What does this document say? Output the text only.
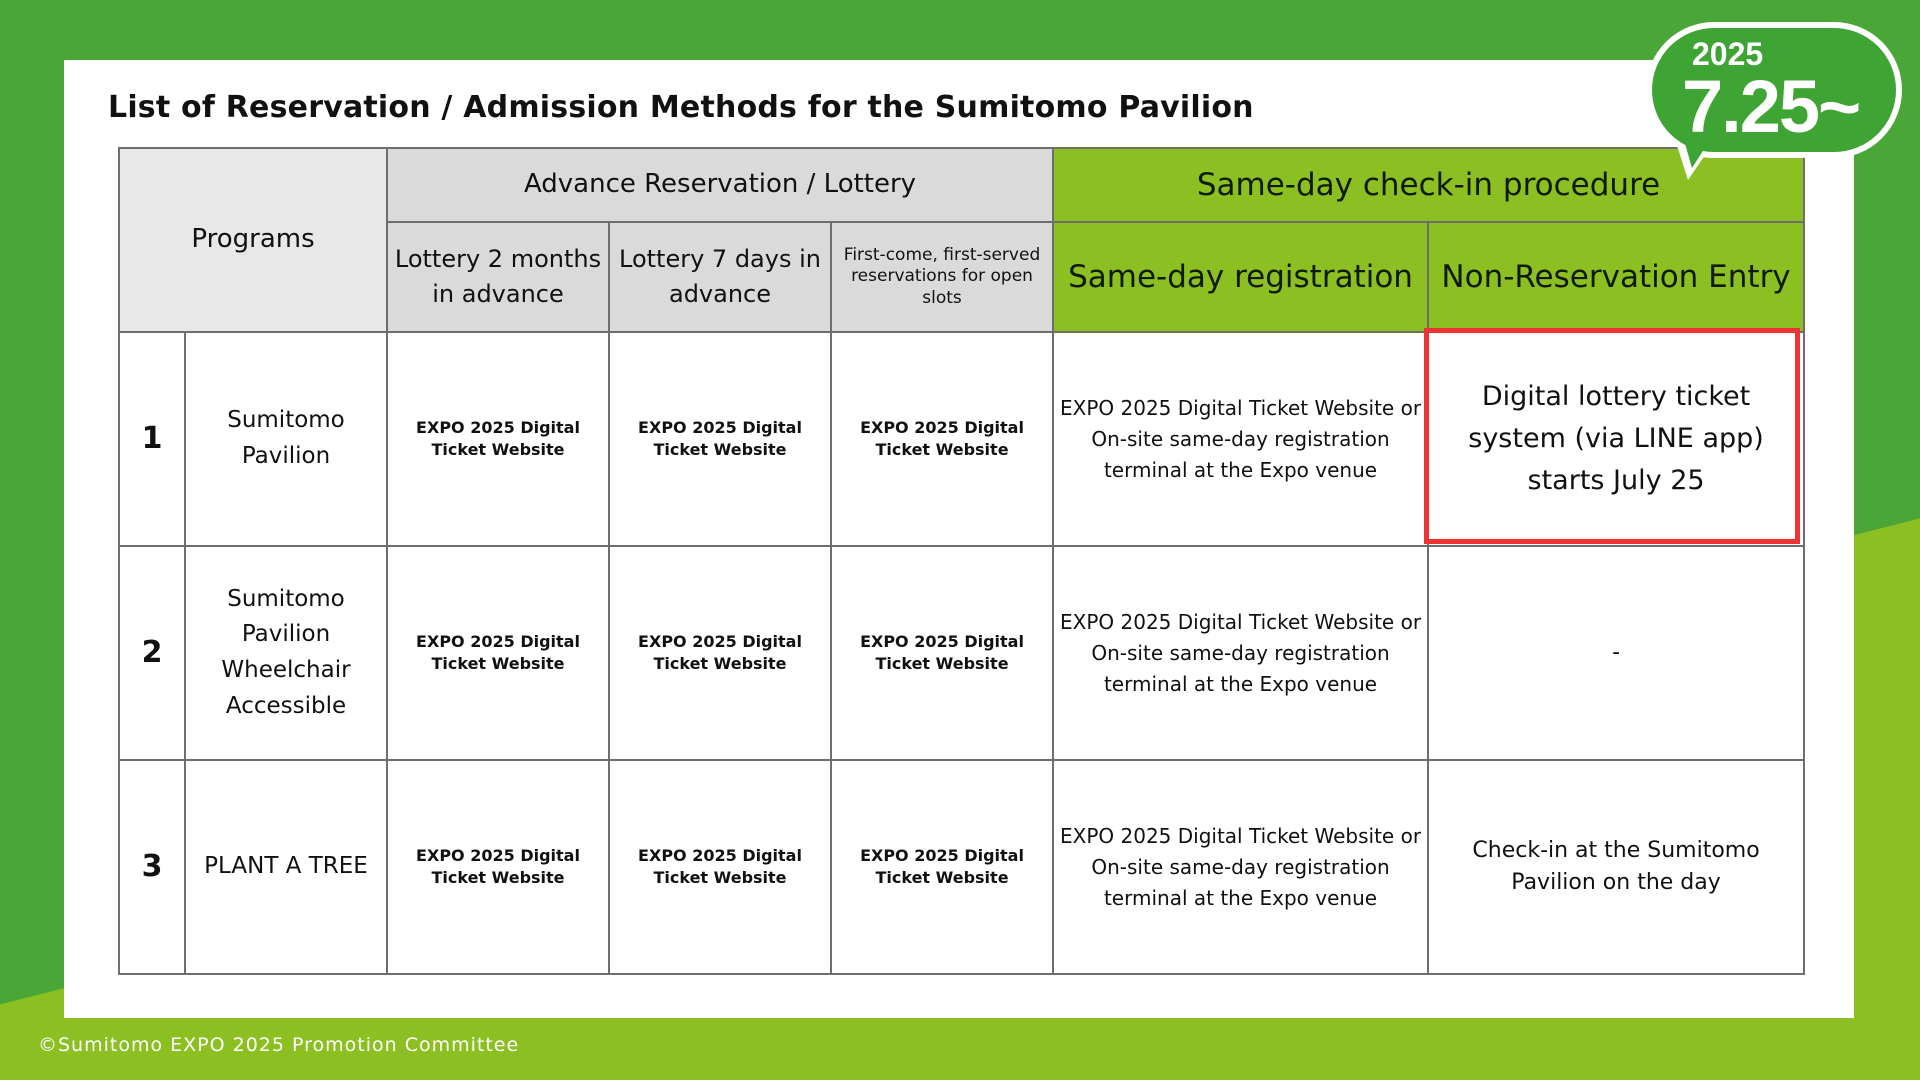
List of Reservation / Admission Methods for the Sumitomo Pavilion
Programs		Advance Reservation / Lottery			Same-day check-in procedure	
		Lottery 2 months in advance	Lottery 7 days in advance	First-come, first-served reservations for open slots	Same-day registration	Non-Reservation Entry
1	Sumitomo Pavilion	EXPO 2025 Digital Ticket Website	EXPO 2025 Digital Ticket Website	EXPO 2025 Digital Ticket Website	EXPO 2025 Digital Ticket Website or On-site same-day registration terminal at the Expo venue	Digital lottery ticket system (via LINE app) starts July 25
2	Sumitomo Pavilion Wheelchair Accessible	EXPO 2025 Digital Ticket Website	EXPO 2025 Digital Ticket Website	EXPO 2025 Digital Ticket Website	EXPO 2025 Digital Ticket Website or On-site same-day registration terminal at the Expo venue	-
3	PLANT A TREE	EXPO 2025 Digital Ticket Website	EXPO 2025 Digital Ticket Website	EXPO 2025 Digital Ticket Website	EXPO 2025 Digital Ticket Website or On-site same-day registration terminal at the Expo venue	Check-in at the Sumitomo Pavilion on the day
2025
7.25~
©Sumitomo EXPO 2025 Promotion Committee
